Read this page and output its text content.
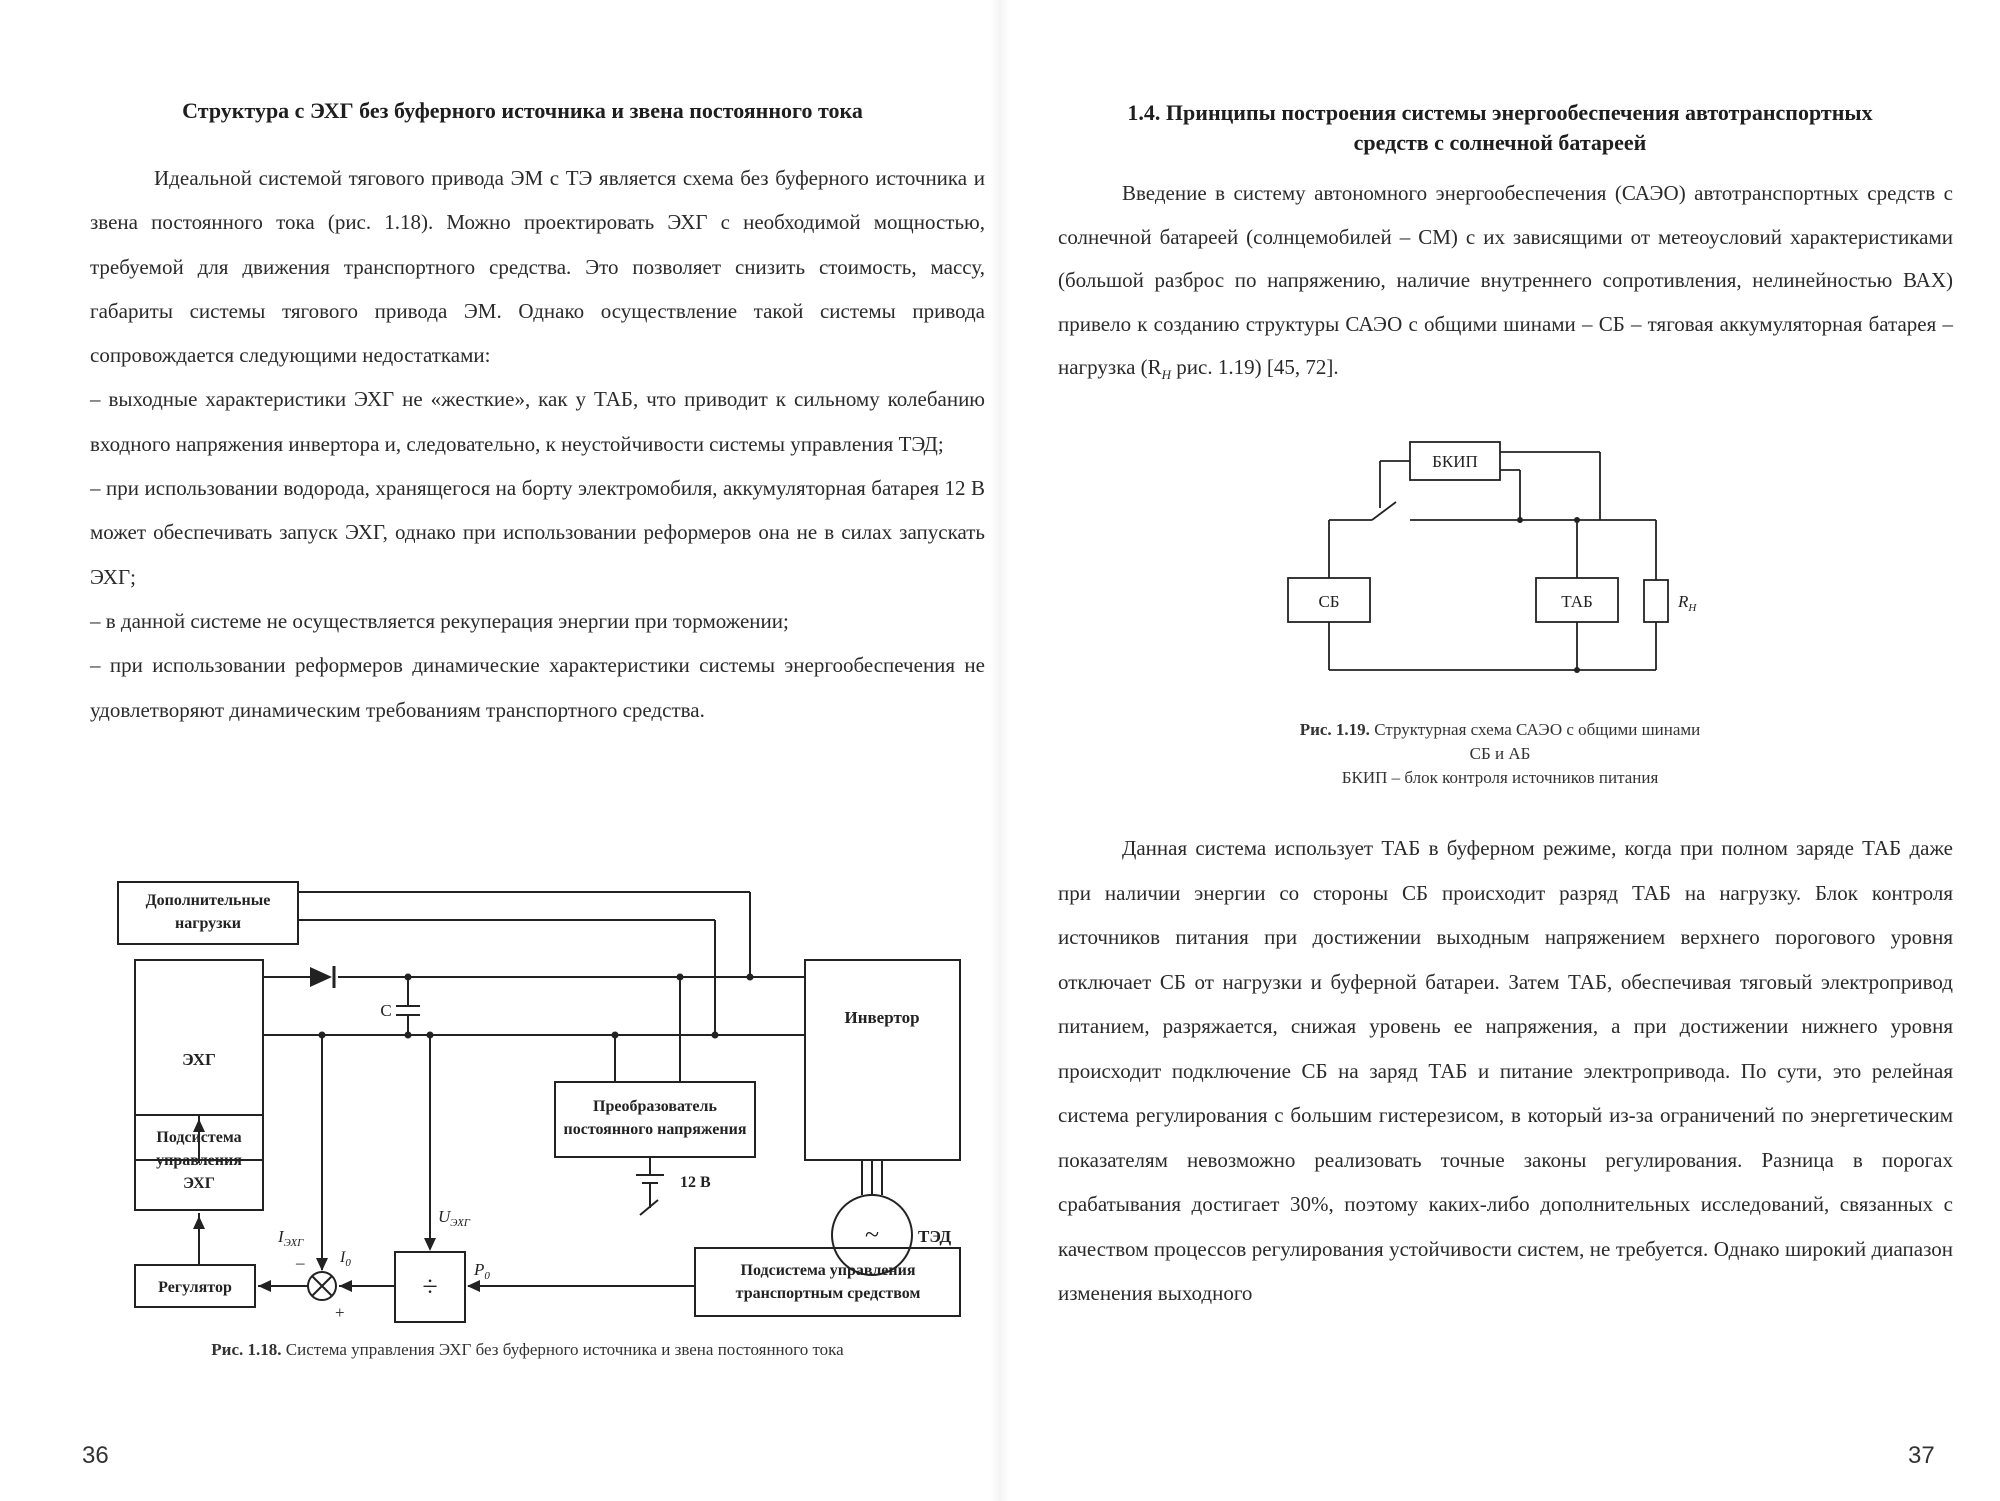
Структура с ЭХГ без буферного источника и звена постоянного тока

Идеальной системой тягового привода ЭМ с ТЭ является схема без буферного источника и звена постоянного тока (рис. 1.18). Можно проектировать ЭХГ с необходимой мощностью, требуемой для движения транспортного средства. Это позволяет снизить стоимость, массу, габариты системы тягового привода ЭМ. Однако осуществление такой системы привода сопровождается следующими недостатками:

– выходные характеристики ЭХГ не «жесткие», как у ТАБ, что приводит к сильному колебанию входного напряжения инвертора и, следовательно, к неустойчивости системы управления ТЭД;

– при использовании водорода, хранящегося на борту электромобиля, аккумуляторная батарея 12 В может обеспечивать запуск ЭХГ, однако при использовании реформеров она не в силах запускать ЭХГ;

– в данной системе не осуществляется рекуперация энергии при торможении;

– при использовании реформеров динамические характеристики системы энергообеспечения не удовлетворяют динамическим требованиям транспортного средства.

~
Дополнительные
нагрузки
ЭХГ
Инвертор
С
Преобразователь
постоянного напряжения
12 В
ТЭД
Подсистема
управления
ЭХГ
Регулятор	÷
Подсистема управления
транспортным средством
$I_{ЭХГ}$
– $I_0$
+
$U_{ЭХГ}$
$P_0$
Рис. 1.18. Система управления ЭХГ без буферного источника и звена постоянного тока
36
1.4. Принципы построения системы энергообеспечения автотранспортных
средств с солнечной батареей

Введение в систему автономного энергообеспечения (САЭО) автотранспортных средств с солнечной батареей (солнцемобилей – СМ) с их зависящими от метеоусловий характеристиками (большой разброс по напряжению, наличие внутреннего сопротивления, нелинейностью ВАХ) привело к созданию структуры САЭО с общими шинами – СБ – тяговая аккумуляторная батарея – нагрузка ($R_Н$ рис. 1.19) [45, 72].

БКИП
СБ	ТАБ	$R_Н$
Рис. 1.19. Структурная схема САЭО с общими шинами
СБ и АБ
БКИП – блок контроля источников питания

Данная система использует ТАБ в буферном режиме, когда при полном заряде ТАБ даже при наличии энергии со стороны СБ происходит разряд ТАБ на нагрузку. Блок контроля источников питания при достижении выходным напряжением верхнего порогового уровня отключает СБ от нагрузки и буферной батареи. Затем ТАБ, обеспечивая тяговый электропривод питанием, разряжается, снижая уровень ее напряжения, а при достижении нижнего уровня происходит подключение СБ на заряд ТАБ и питание электропривода. По сути, это релейная система регулирования с большим гистерезисом, в который из-за ограничений по энергетическим показателям невозможно реализовать точные законы регулирования. Разница в порогах срабатывания достигает 30%, поэтому каких-либо дополнительных исследований, связанных с качеством процессов регулирования устойчивости систем, не требуется. Однако широкий диапазон изменения выходного

37
